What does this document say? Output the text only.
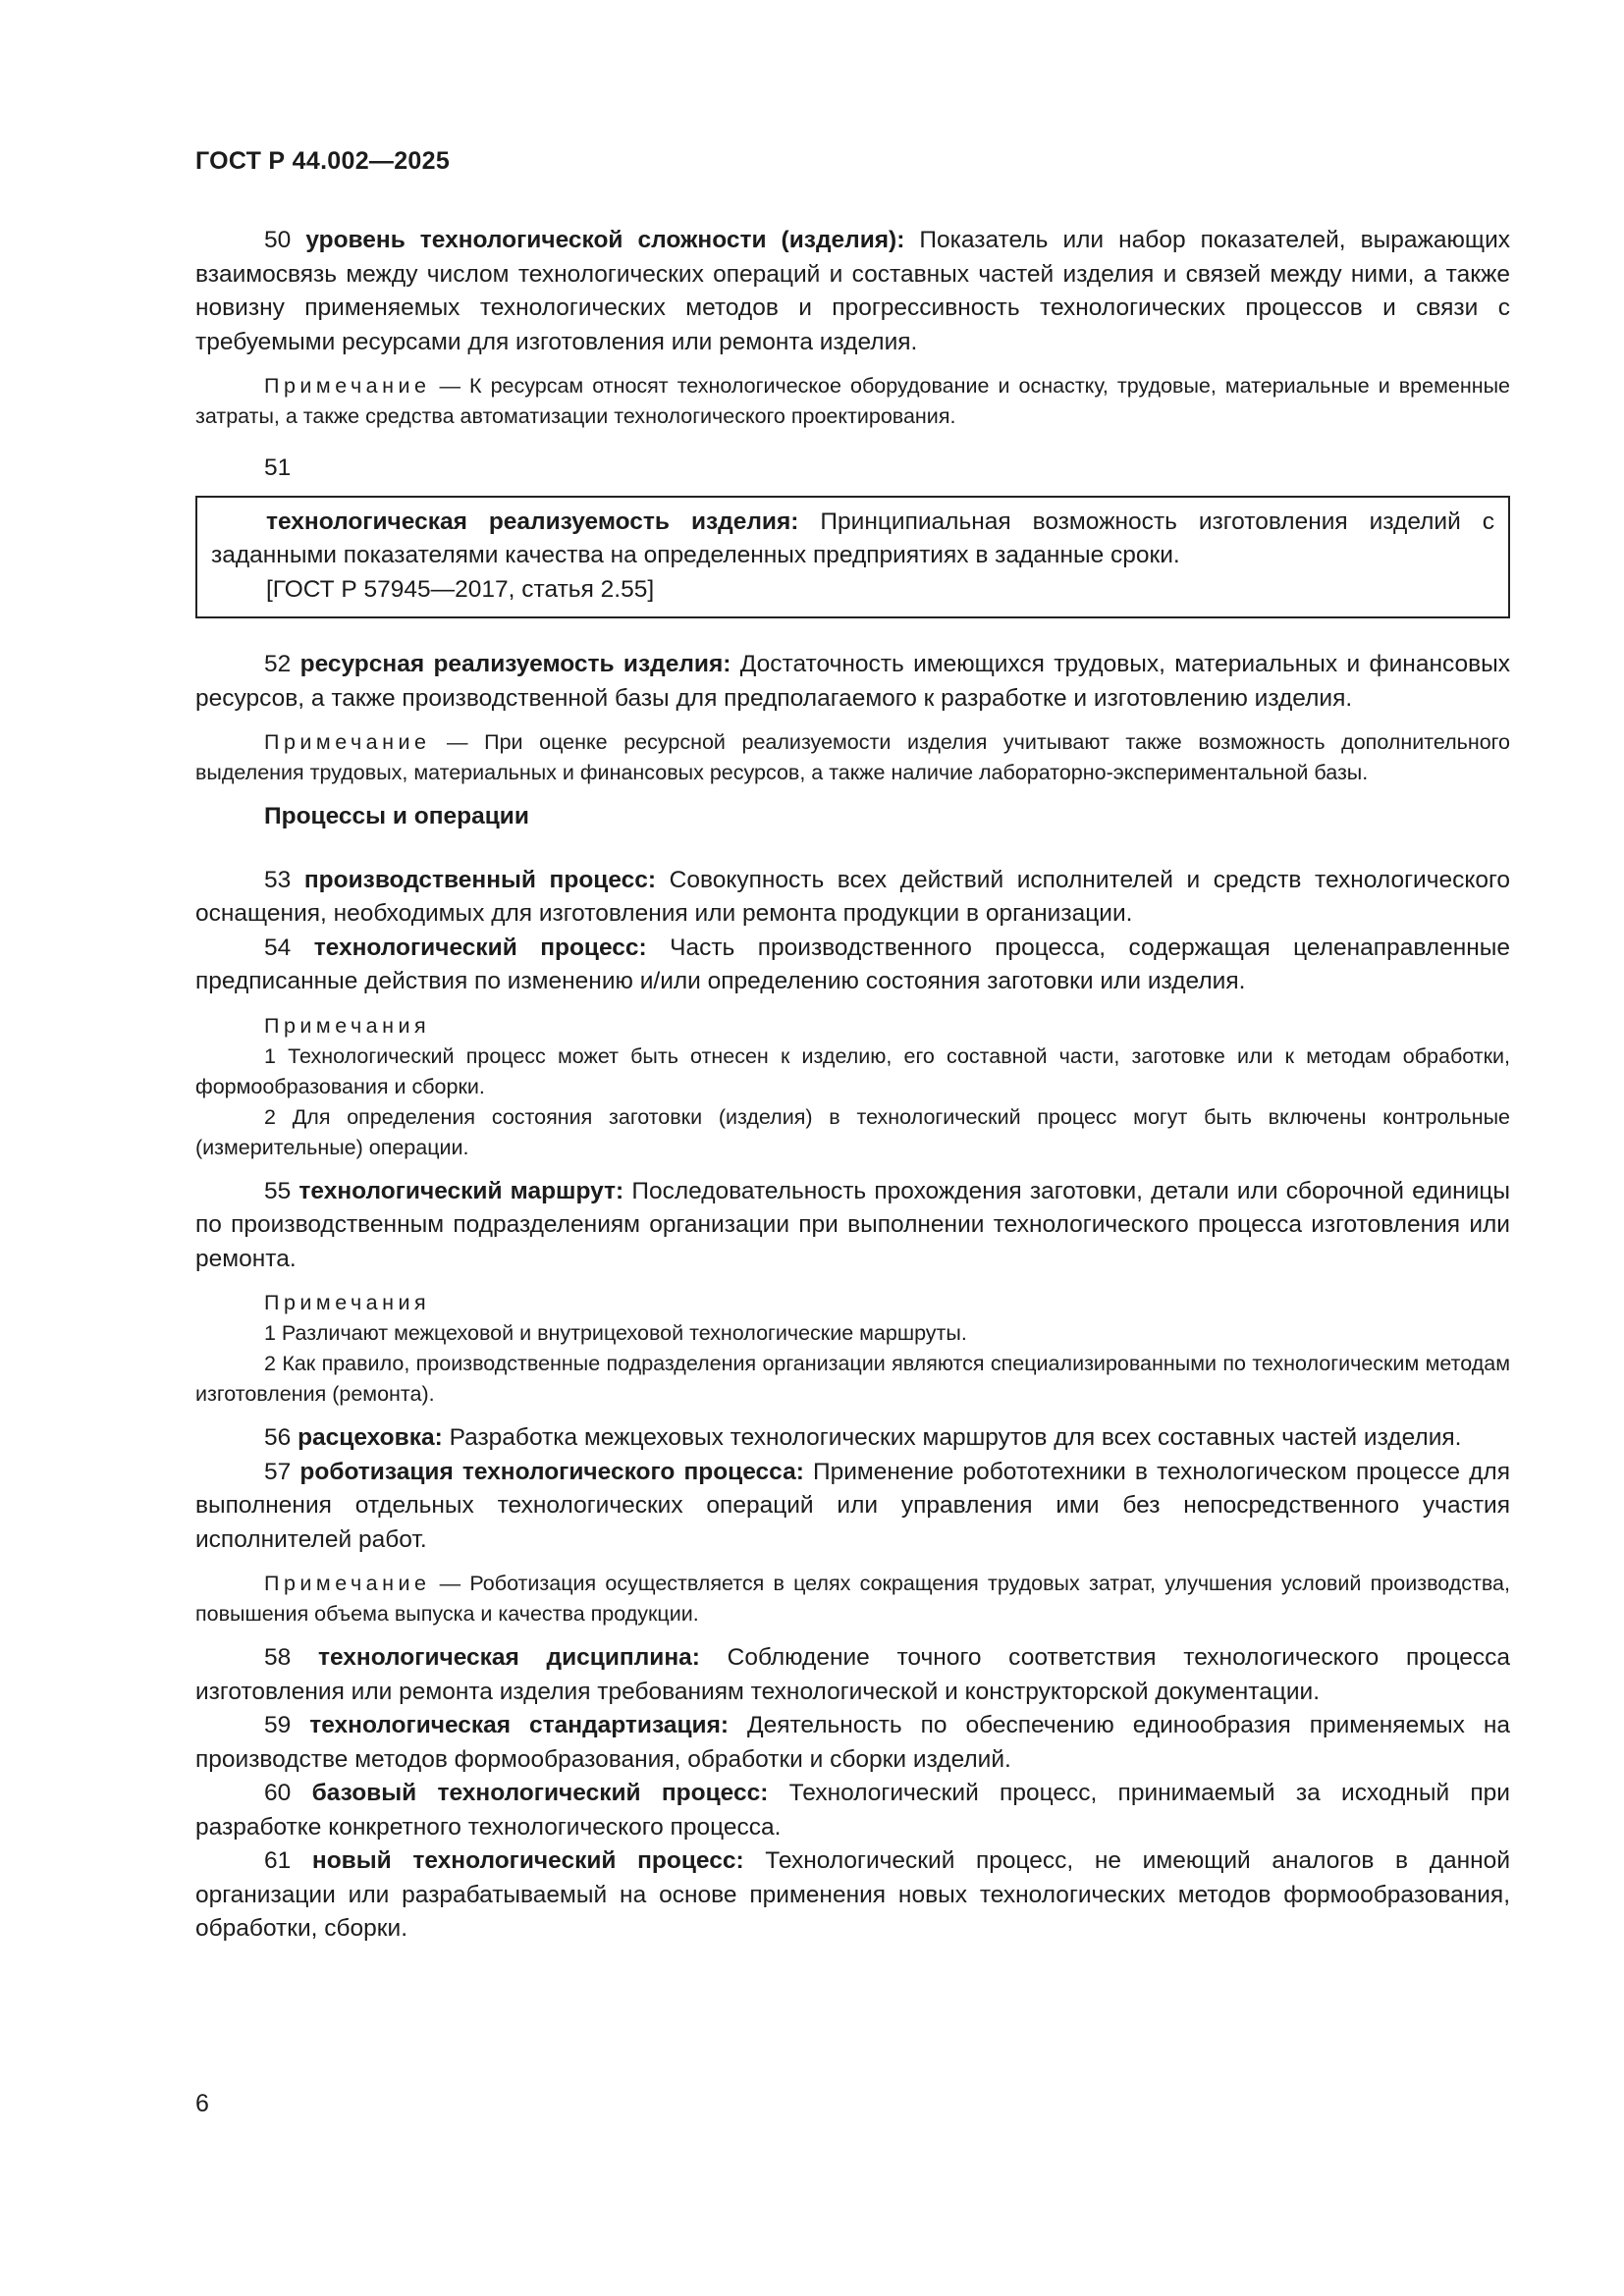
ГОСТ Р 44.002—2025

50 уровень технологической сложности (изделия): Показатель или набор показателей, выражающих взаимосвязь между числом технологических операций и составных частей изделия и связей между ними, а также новизну применяемых технологических методов и прогрессивность технологических процессов и связи с требуемыми ресурсами для изготовления или ремонта изделия.

Примечание — К ресурсам относят технологическое оборудование и оснастку, трудовые, материальные и временные затраты, а также средства автоматизации технологического проектирования.

51

технологическая реализуемость изделия: Принципиальная возможность изготовления изделий с заданными показателями качества на определенных предприятиях в заданные сроки.

[ГОСТ Р 57945—2017, статья 2.55]

52 ресурсная реализуемость изделия: Достаточность имеющихся трудовых, материальных и финансовых ресурсов, а также производственной базы для предполагаемого к разработке и изготовлению изделия.

Примечание — При оценке ресурсной реализуемости изделия учитывают также возможность дополнительного выделения трудовых, материальных и финансовых ресурсов, а также наличие лабораторно-экспериментальной базы.

Процессы и операции

53 производственный процесс: Совокупность всех действий исполнителей и средств технологического оснащения, необходимых для изготовления или ремонта продукции в организации.

54 технологический процесс: Часть производственного процесса, содержащая целенаправленные предписанные действия по изменению и/или определению состояния заготовки или изделия.

Примечания

1 Технологический процесс может быть отнесен к изделию, его составной части, заготовке или к методам обработки, формообразования и сборки.

2 Для определения состояния заготовки (изделия) в технологический процесс могут быть включены контрольные (измерительные) операции.

55 технологический маршрут: Последовательность прохождения заготовки, детали или сборочной единицы по производственным подразделениям организации при выполнении технологического процесса изготовления или ремонта.

Примечания

1 Различают межцеховой и внутрицеховой технологические маршруты.

2 Как правило, производственные подразделения организации являются специализированными по технологическим методам изготовления (ремонта).

56 расцеховка: Разработка межцеховых технологических маршрутов для всех составных частей изделия.

57 роботизация технологического процесса: Применение робототехники в технологическом процессе для выполнения отдельных технологических операций или управления ими без непосредственного участия исполнителей работ.

Примечание — Роботизация осуществляется в целях сокращения трудовых затрат, улучшения условий производства, повышения объема выпуска и качества продукции.

58 технологическая дисциплина: Соблюдение точного соответствия технологического процесса изготовления или ремонта изделия требованиям технологической и конструкторской документации.

59 технологическая стандартизация: Деятельность по обеспечению единообразия применяемых на производстве методов формообразования, обработки и сборки изделий.

60 базовый технологический процесс: Технологический процесс, принимаемый за исходный при разработке конкретного технологического процесса.

61 новый технологический процесс: Технологический процесс, не имеющий аналогов в данной организации или разрабатываемый на основе применения новых технологических методов формообразования, обработки, сборки.

6
